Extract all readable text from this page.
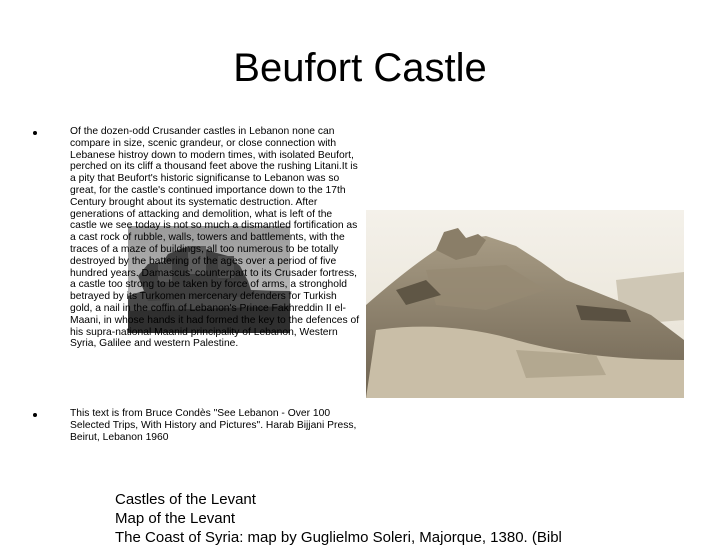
Beufort Castle

Of the dozen-odd Crusander castles in Lebanon none can compare in size, scenic grandeur, or close connection with Lebanese histroy down to modern times, with isolated Beufort, perched on its cliff a thousand feet above the rushing Litani.It is a pity that Beufort's historic significanse to Lebanon was so great, for the castle's continued importance down to the 17th Century brought about its systematic destruction. After generations of attacking and demolition, what is left of the castle we see today is not so much a dismantled fortification as a cast rock of rubble, walls, towers and battlements, with the traces of a maze of buildings, all too numerous to be totally destroyed by the battering of the ages over a period of five hundred years. Damascus' counterpart to its Crusader fortress, a castle too strong to be taken by force of arms, a stronghold betrayed by its Turkomen mercenary defenders for Turkish gold, a nail in the coffin of Lebanon's Prince Fakhreddin II el-Maani, in whose hands it had formed the key to the defences of his supra-national Maanid principality of Lebanon, Western Syria, Galilee and western Palestine.

This text is from Bruce Condès "See Lebanon - Over 100 Selected Trips, With History and Pictures". Harab Bijjani Press, Beirut, Lebanon 1960

Castles of the Levant
Map of the Levant
The Coast of Syria: map by Guglielmo Soleri, Majorque, 1380. (Bibl
